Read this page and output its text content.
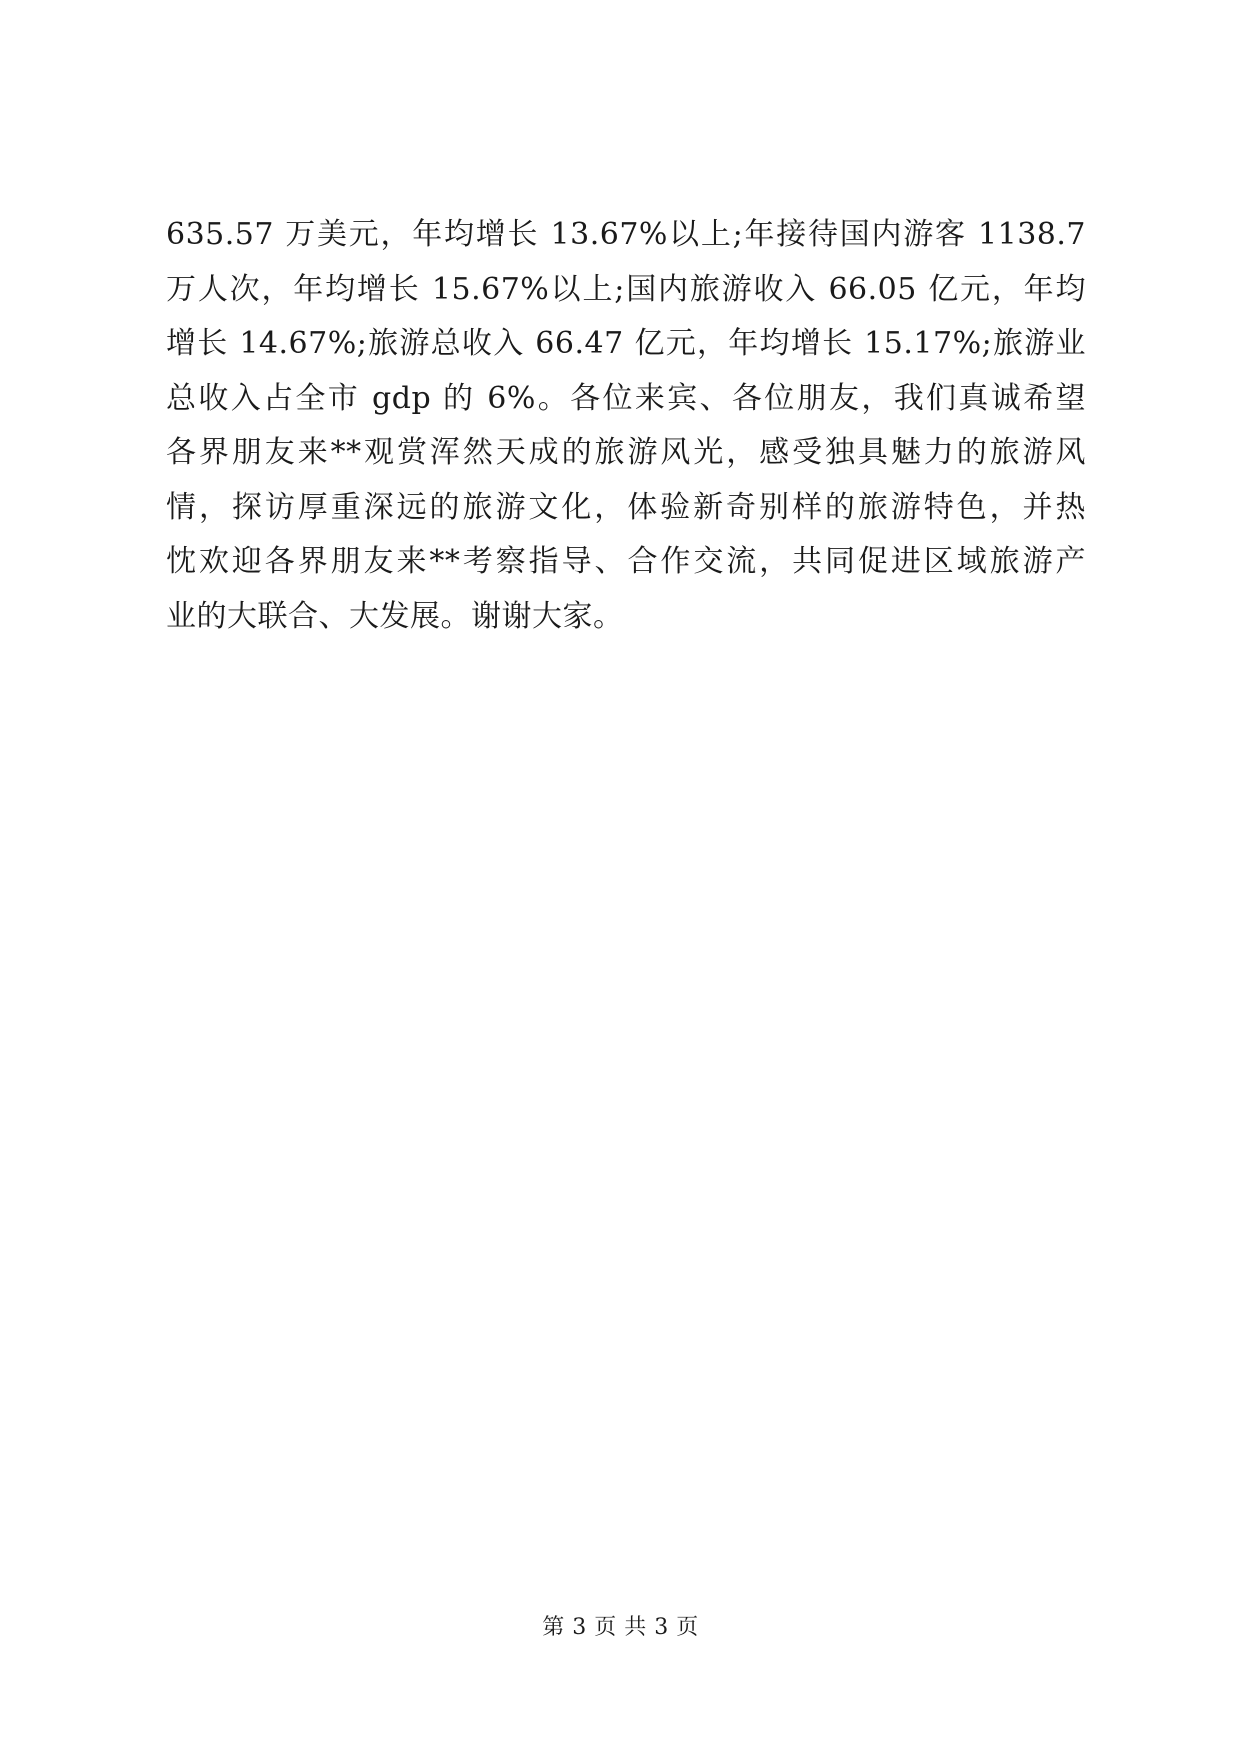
635.57 万美元，年均增长 13.67%以上;年接待国内游客 1138.7
万人次，年均增长 15.67%以上;国内旅游收入 66.05 亿元，年均
增长 14.67%;旅游总收入 66.47 亿元，年均增长 15.17%;旅游业
总收入占全市 gdp 的 6%。各位来宾、各位朋友，我们真诚希望
各界朋友来**观赏浑然天成的旅游风光，感受独具魅力的旅游风
情，探访厚重深远的旅游文化，体验新奇别样的旅游特色，并热
忱欢迎各界朋友来**考察指导、合作交流，共同促进区域旅游产
业的大联合、大发展。谢谢大家。
第 3 页 共 3 页
